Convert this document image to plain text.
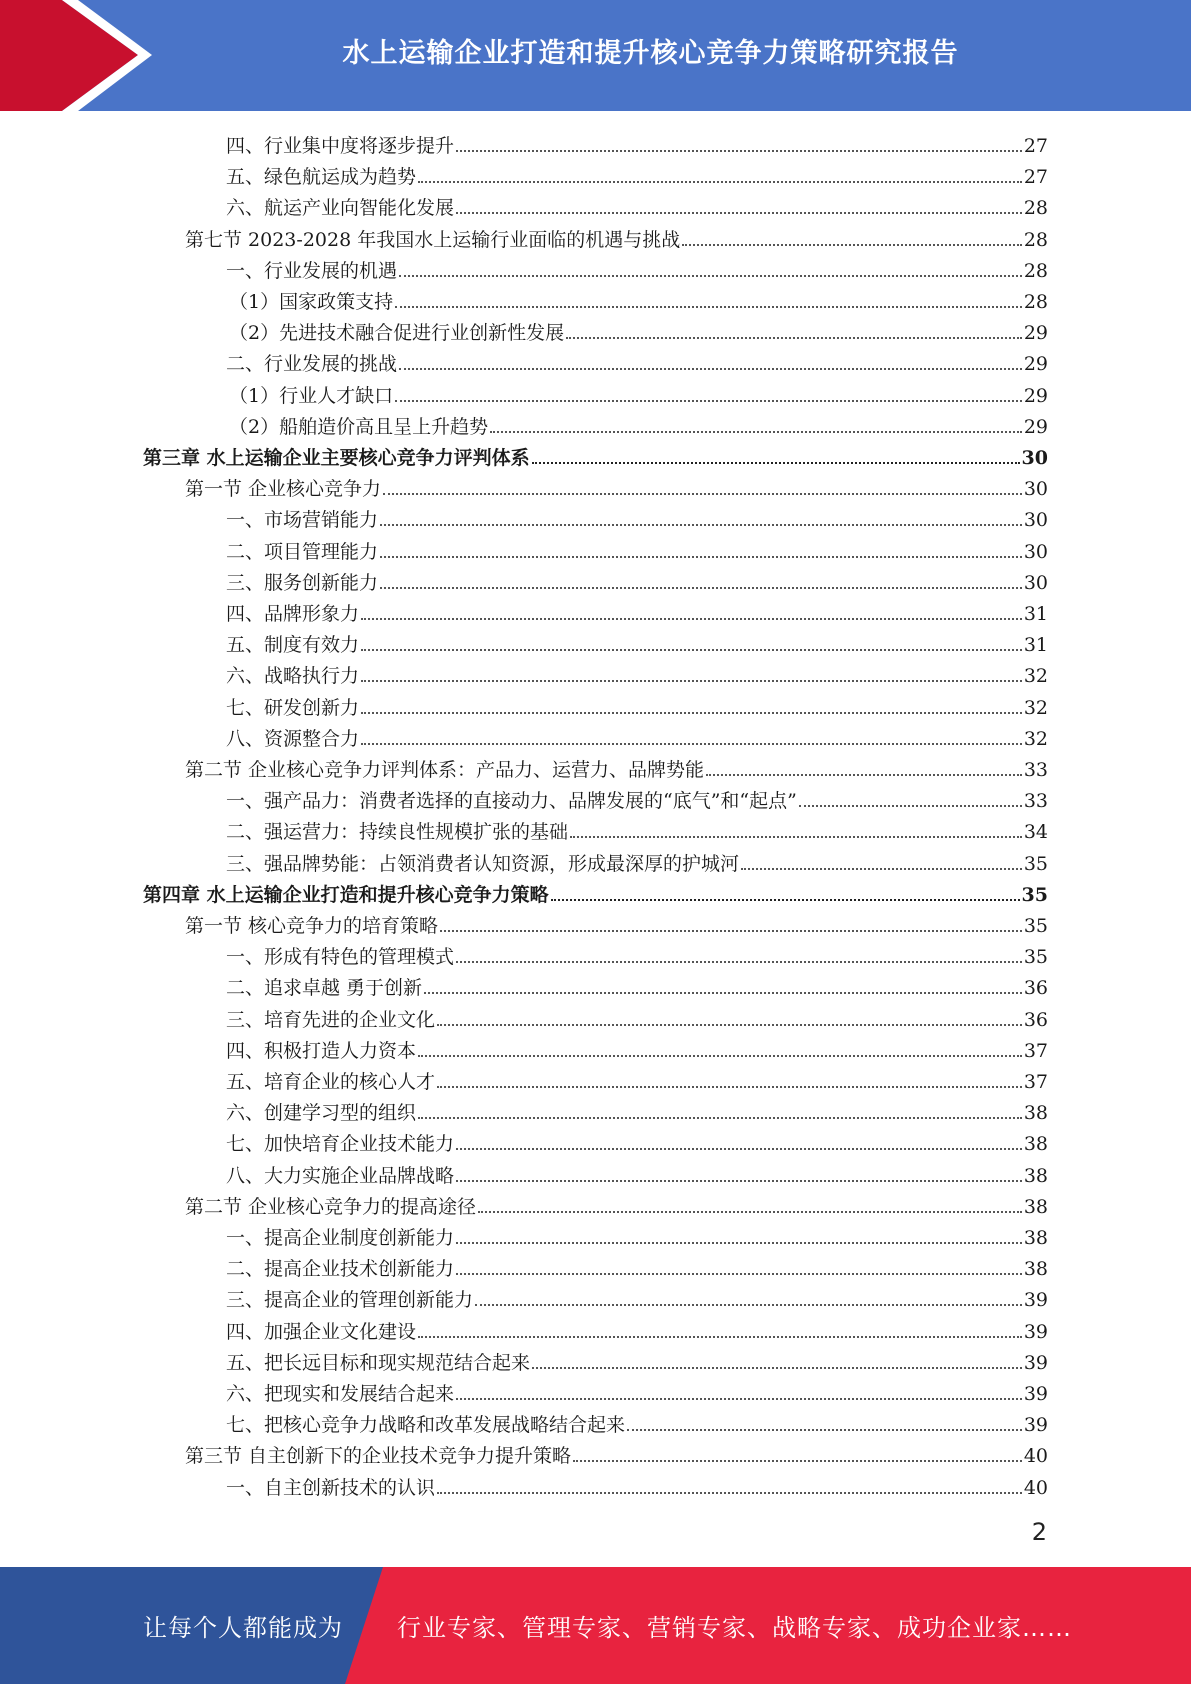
水上运输企业打造和提升核心竞争力策略研究报告
四、行业集中度将逐步提升	27
五、绿色航运成为趋势	27
六、航运产业向智能化发展	28
第七节 2023-2028 年我国水上运输行业面临的机遇与挑战	28
一、行业发展的机遇	28
（1）国家政策支持	28
（2）先进技术融合促进行业创新性发展	29
二、行业发展的挑战	29
（1）行业人才缺口	29
（2）船舶造价高且呈上升趋势	29
第三章 水上运输企业主要核心竞争力评判体系	30
第一节 企业核心竞争力	30
一、市场营销能力	30
二、项目管理能力	30
三、服务创新能力	30
四、品牌形象力	31
五、制度有效力	31
六、战略执行力	32
七、研发创新力	32
八、资源整合力	32
第二节 企业核心竞争力评判体系：产品力、运营力、品牌势能	33
一、强产品力：消费者选择的直接动力、品牌发展的“底气”和“起点”	33
二、强运营力：持续良性规模扩张的基础	34
三、强品牌势能：占领消费者认知资源，形成最深厚的护城河	35
第四章 水上运输企业打造和提升核心竞争力策略	35
第一节 核心竞争力的培育策略	35
一、形成有特色的管理模式	35
二、追求卓越 勇于创新	36
三、培育先进的企业文化	36
四、积极打造人力资本	37
五、培育企业的核心人才	37
六、创建学习型的组织	38
七、加快培育企业技术能力	38
八、大力实施企业品牌战略	38
第二节 企业核心竞争力的提高途径	38
一、提高企业制度创新能力	38
二、提高企业技术创新能力	38
三、提高企业的管理创新能力	39
四、加强企业文化建设	39
五、把长远目标和现实规范结合起来	39
六、把现实和发展结合起来	39
七、把核心竞争力战略和改革发展战略结合起来	39
第三节 自主创新下的企业技术竞争力提升策略	40
一、自主创新技术的认识	40
2
让每个人都能成为 行业专家、管理专家、营销专家、战略专家、成功企业家……
